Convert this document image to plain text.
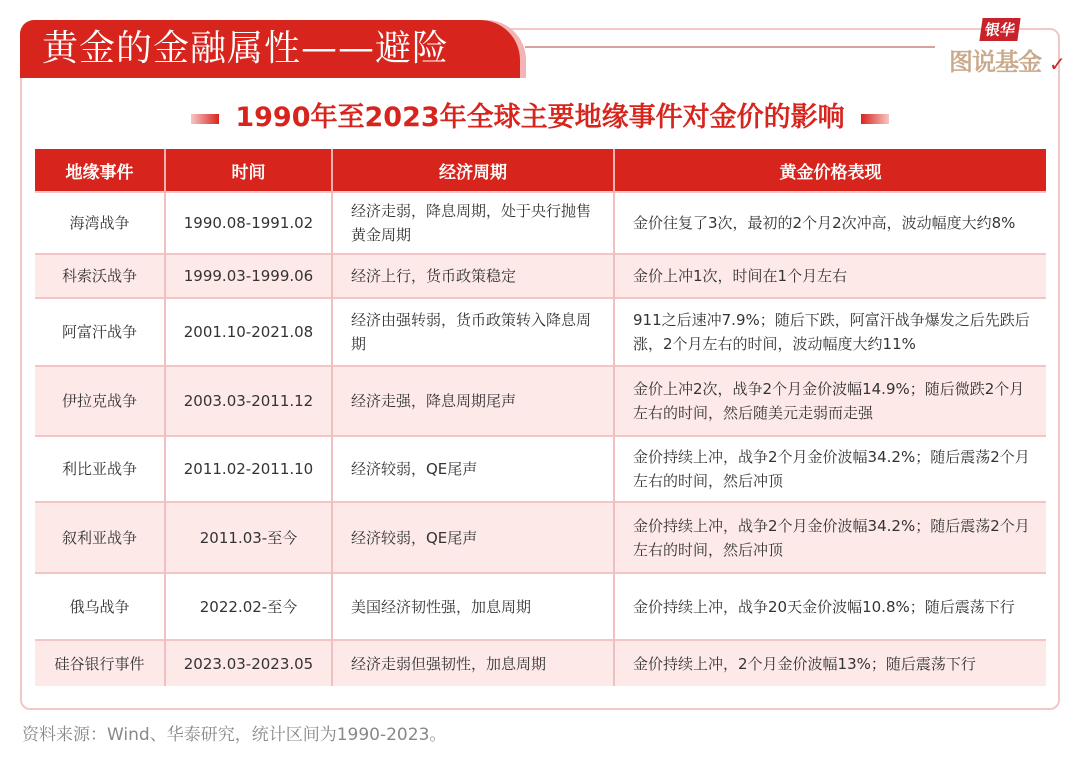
黄金的金融属性——避险	银华
图说基金 ✓
1990年至2023年全球主要地缘事件对金价的影响
地缘事件	时间	经济周期	黄金价格表现
海湾战争	1990.08-1991.02	经济走弱，降息周期，处于央行抛售黄金周期	金价往复了3次，最初的2个月2次冲高，波动幅度大约8%
科索沃战争	1999.03-1999.06	经济上行，货币政策稳定	金价上冲1次，时间在1个月左右
阿富汗战争	2001.10-2021.08	经济由强转弱，货币政策转入降息周期	911之后速冲7.9%；随后下跌，阿富汗战争爆发之后先跌后涨，2个月左右的时间，波动幅度大约11%
伊拉克战争	2003.03-2011.12	经济走强，降息周期尾声	金价上冲2次，战争2个月金价波幅14.9%；随后微跌2个月左右的时间，然后随美元走弱而走强
利比亚战争	2011.02-2011.10	经济较弱，QE尾声	金价持续上冲，战争2个月金价波幅34.2%；随后震荡2个月左右的时间，然后冲顶
叙利亚战争	2011.03-至今	经济较弱，QE尾声	金价持续上冲，战争2个月金价波幅34.2%；随后震荡2个月左右的时间，然后冲顶
俄乌战争	2022.02-至今	美国经济韧性强，加息周期	金价持续上冲，战争20天金价波幅10.8%；随后震荡下行
硅谷银行事件	2023.03-2023.05	经济走弱但强韧性，加息周期	金价持续上冲，2个月金价波幅13%；随后震荡下行
资料来源：Wind、华泰研究，统计区间为1990-2023。
